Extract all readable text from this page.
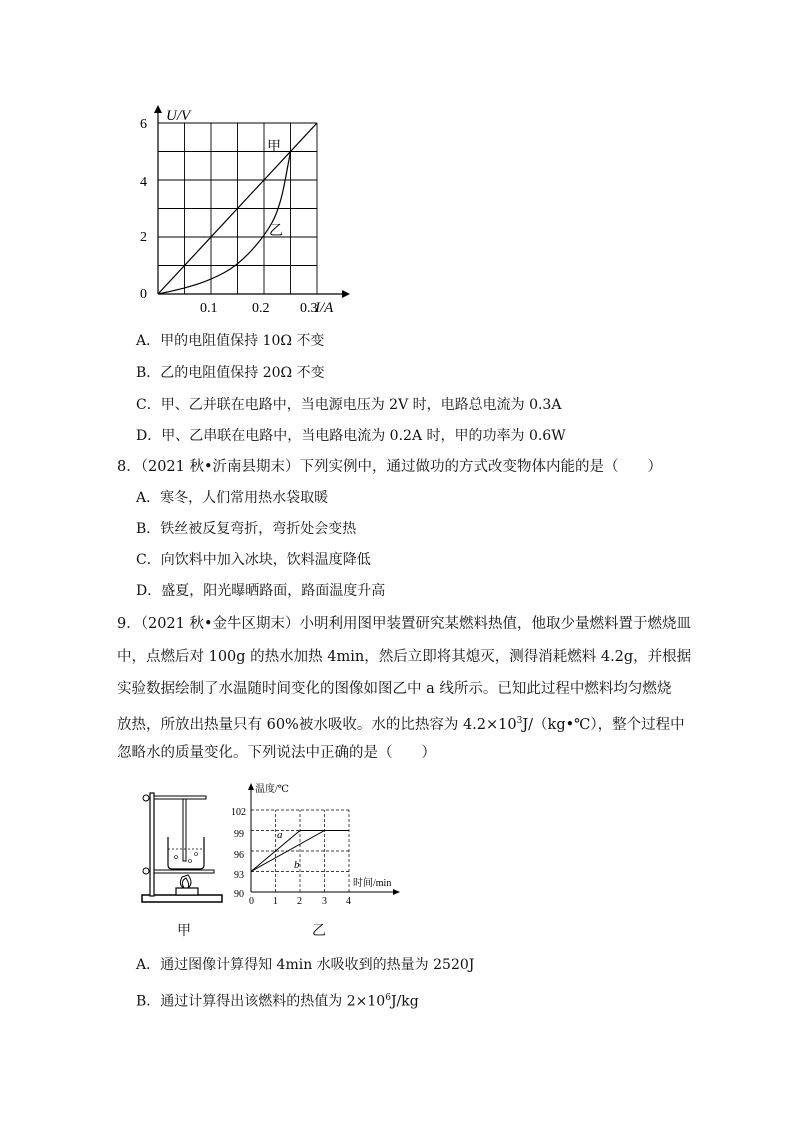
U/V
I/A
6
4
2
0
0.1 0.2 0.3
甲
乙
A．甲的电阻值保持 10Ω 不变
B．乙的电阻值保持 20Ω 不变
C．甲、乙并联在电路中，当电源电压为 2V 时，电路总电流为 0.3A
D．甲、乙串联在电路中，当电路电流为 0.2A 时，甲的功率为 0.6W
8．（2021 秋•沂南县期末）下列实例中，通过做功的方式改变物体内能的是（　　）
A．寒冬，人们常用热水袋取暖
B．铁丝被反复弯折，弯折处会变热
C．向饮料中加入冰块，饮料温度降低
D．盛夏，阳光曝晒路面，路面温度升高
9．（2021 秋•金牛区期末）小明利用图甲装置研究某燃料热值，他取少量燃料置于燃烧皿
中，点燃后对 100g 的热水加热 4min，然后立即将其熄灭，测得消耗燃料 4.2g，并根据
实验数据绘制了水温随时间变化的图像如图乙中 a 线所示。已知此过程中燃料均匀燃烧
放热，所放出热量只有 60%被水吸收。水的比热容为 $4.2\times 10^3J/(kg•℃)$，整个过程中
忽略水的质量变化。下列说法中正确的是（　　）
甲
温度/℃
时间/min
102
99
96
93
90
0 1 2 3 4
a
b
乙
A．通过图像计算得知 4min 水吸收到的热量为 2520J
B．通过计算得出该燃料的热值为 $2\times 10^6J/kg$
